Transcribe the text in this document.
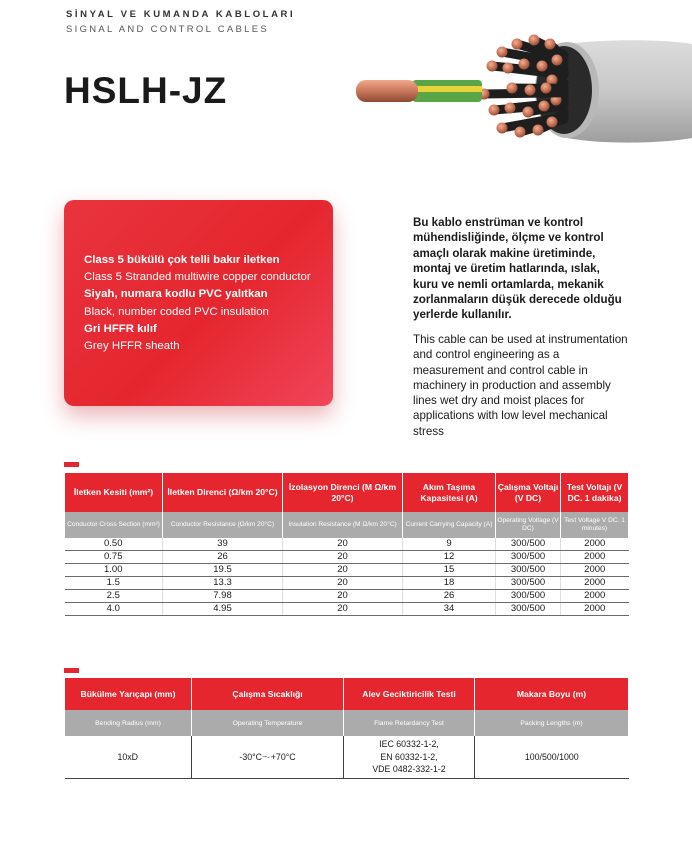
SİNYAL VE KUMANDA KABLOLARI
SIGNAL AND CONTROL CABLES
HSLH-JZ
Class 5 bükülü çok telli bakır iletken
Class 5 Stranded multiwire copper conductor
Siyah, numara kodlu PVC yalıtkan
Black, number coded PVC insulation
Gri HFFR kılıf
Grey HFFR sheath
Bu kablo enstrüman ve kontrol mühendisliğinde, ölçme ve kontrol amaçlı olarak makine üretiminde, montaj ve üretim hatlarında, ıslak, kuru ve nemli ortamlarda, mekanik zorlanmaların düşük derecede olduğu yerlerde kullanılır.
This cable can be used at instrumentation and control engineering as a measurement and control cable in machinery in production and assembly lines wet dry and moist places for applications with low level mechanical stress
İletken Kesiti (mm²)	İletken Direnci (Ω/km 20°C)	İzolasyon Direnci (M Ω/km 20°C)	Akım Taşıma Kapasitesi (A)	Çalışma Voltajı (V DC)	Test Voltajı (V DC. 1 dakika)
Conductor Cross Section (mm²)	Conductor Resistance (Ω/km 20°C)	Insulation Resistance (M Ω/km 20°C)	Current Carrying Capacity (A)	Operating Voltage (V DC)	Test Voltage V DC. 1 minutes)
0.50	39	20	9	300/500	2000
0.75	26	20	12	300/500	2000
1.00	19.5	20	15	300/500	2000
1.5	13.3	20	18	300/500	2000
2.5	7.98	20	26	300/500	2000
4.0	4.95	20	34	300/500	2000
Bükülme Yarıçapı (mm)	Çalışma Sıcaklığı	Alev Geciktiricilik Testi	Makara Boyu (m)
Bending Radius (mm)	Operating Temperature	Flame Retardancy Test	Packing Lengths (m)
10xD	-30°C～+70°C	IEC 60332-1-2,
EN 60332-1-2,
VDE 0482-332-1-2	100/500/1000
